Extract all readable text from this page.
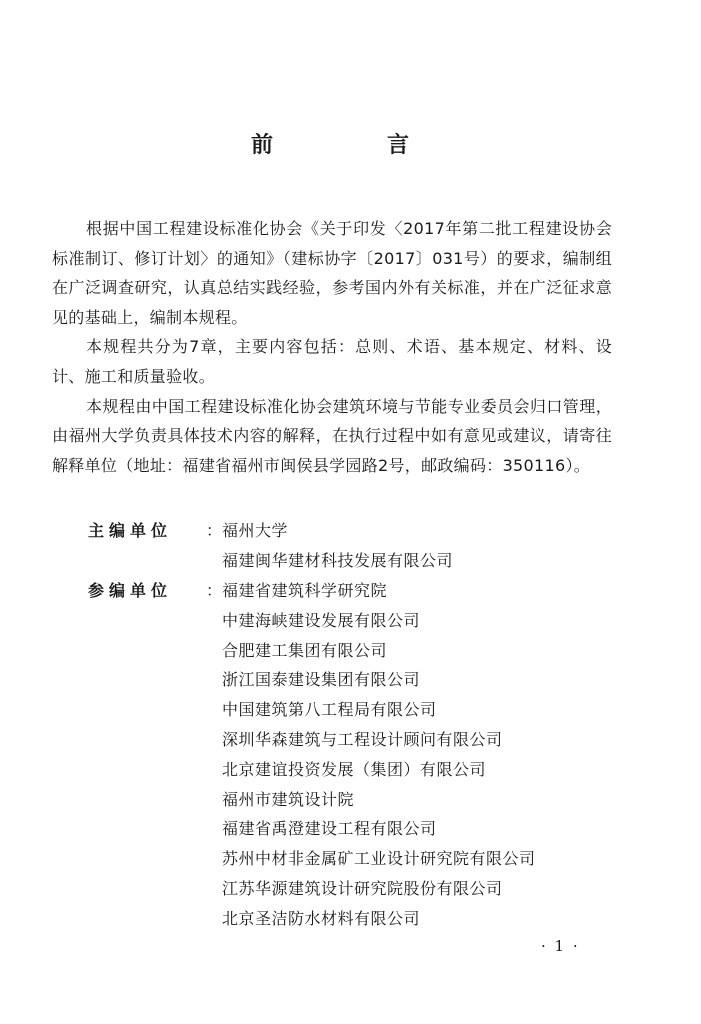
前　言

根据中国工程建设标准化协会《关于印发〈2017年第二批工程建设协会标准制订、修订计划〉的通知》（建标协字〔2017〕031号）的要求，编制组在广泛调查研究，认真总结实践经验，参考国内外有关标准，并在广泛征求意见的基础上，编制本规程。

本规程共分为7章，主要内容包括：总则、术语、基本规定、材料、设计、施工和质量验收。

本规程由中国工程建设标准化协会建筑环境与节能专业委员会归口管理，由福州大学负责具体技术内容的解释，在执行过程中如有意见或建议，请寄往解释单位（地址：福建省福州市闽侯县学园路2号，邮政编码：350116）。

主编单位	： 福州大学
福建闽华建材科技发展有限公司
参编单位	： 福建省建筑科学研究院
中建海峡建设发展有限公司
合肥建工集团有限公司
浙江国泰建设集团有限公司
中国建筑第八工程局有限公司
深圳华森建筑与工程设计顾问有限公司
北京建谊投资发展（集团）有限公司
福州市建筑设计院
福建省禹澄建设工程有限公司
苏州中材非金属矿工业设计研究院有限公司
江苏华源建筑设计研究院股份有限公司
北京圣洁防水材料有限公司
· 1 ·
